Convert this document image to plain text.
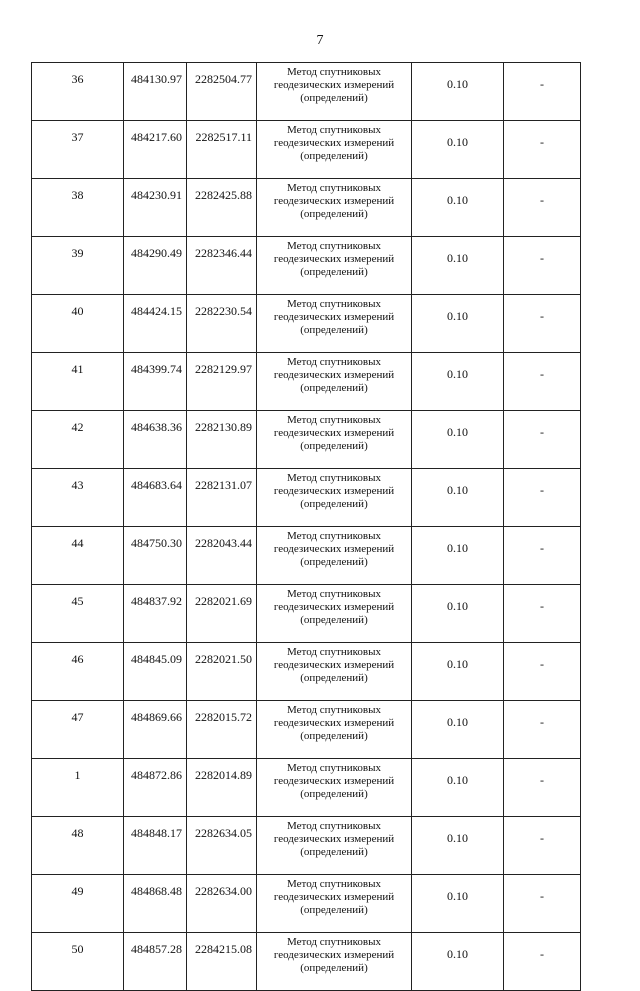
7
36	484130.97	2282504.77	Метод спутниковых
геодезических измерений
(определений)	0.10	-
37	484217.60	2282517.11	Метод спутниковых
геодезических измерений
(определений)	0.10	-
38	484230.91	2282425.88	Метод спутниковых
геодезических измерений
(определений)	0.10	-
39	484290.49	2282346.44	Метод спутниковых
геодезических измерений
(определений)	0.10	-
40	484424.15	2282230.54	Метод спутниковых
геодезических измерений
(определений)	0.10	-
41	484399.74	2282129.97	Метод спутниковых
геодезических измерений
(определений)	0.10	-
42	484638.36	2282130.89	Метод спутниковых
геодезических измерений
(определений)	0.10	-
43	484683.64	2282131.07	Метод спутниковых
геодезических измерений
(определений)	0.10	-
44	484750.30	2282043.44	Метод спутниковых
геодезических измерений
(определений)	0.10	-
45	484837.92	2282021.69	Метод спутниковых
геодезических измерений
(определений)	0.10	-
46	484845.09	2282021.50	Метод спутниковых
геодезических измерений
(определений)	0.10	-
47	484869.66	2282015.72	Метод спутниковых
геодезических измерений
(определений)	0.10	-
1	484872.86	2282014.89	Метод спутниковых
геодезических измерений
(определений)	0.10	-
48	484848.17	2282634.05	Метод спутниковых
геодезических измерений
(определений)	0.10	-
49	484868.48	2282634.00	Метод спутниковых
геодезических измерений
(определений)	0.10	-
50	484857.28	2284215.08	Метод спутниковых
геодезических измерений
(определений)	0.10	-
